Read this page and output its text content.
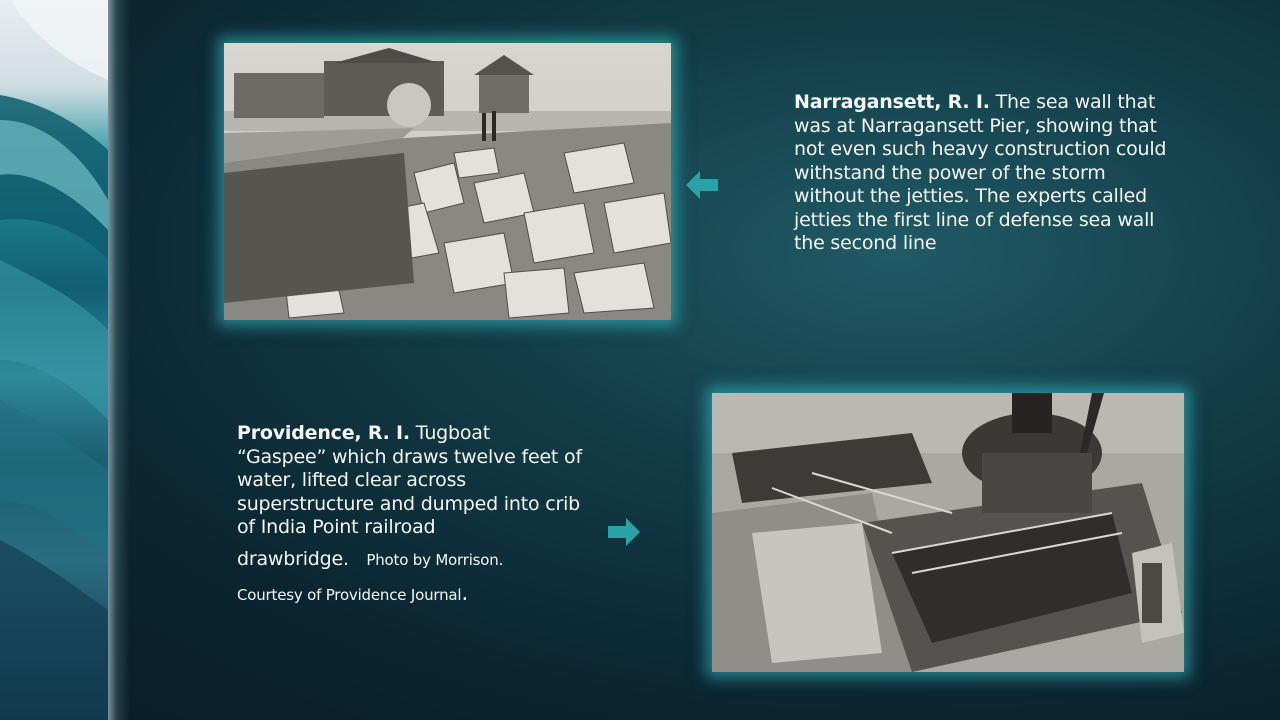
Narragansett, R. I. The sea wall that was at Narragansett Pier, showing that not even such heavy construction could withstand the power of the storm without the jetties. The experts called jetties the first line of defense sea wall the second line
Providence, R. I. Tugboat “Gaspee” which draws twelve feet of water, lifted clear across superstructure and dumped into crib of India Point railroad
drawbridge. Photo by Morrison.
Courtesy of Providence Journal.
